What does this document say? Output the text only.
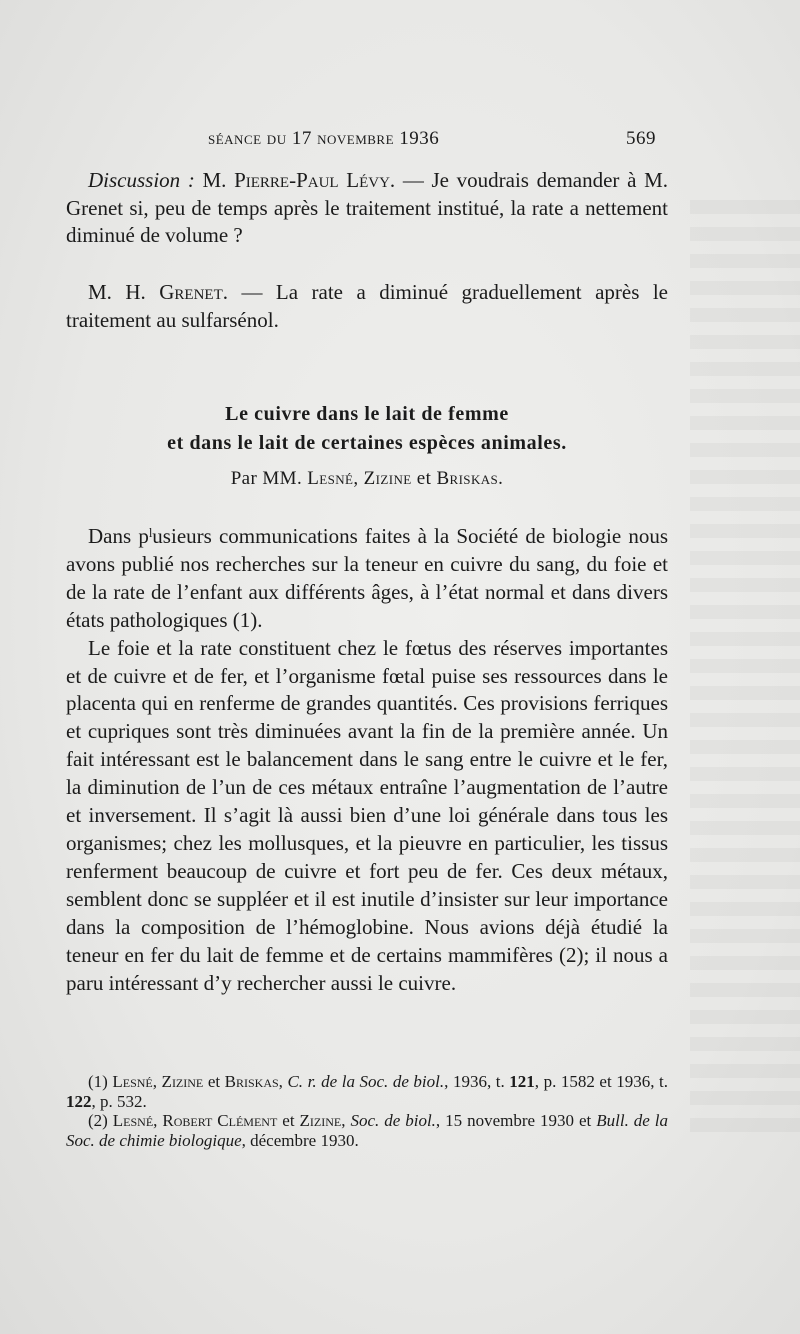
séance du 17 novembre 1936	569

Discussion : M. Pierre-Paul Lévy. — Je voudrais demander à M. Grenet si, peu de temps après le traitement institué, la rate a nettement diminué de volume ?

M. H. Grenet. — La rate a diminué graduellement après le traitement au sulfarsénol.

Le cuivre dans le lait de femme
et dans le lait de certaines espèces animales.
Par MM. Lesné, Zizine et Briskas.

Dans pˡusieurs communications faites à la Société de biologie nous avons publié nos recherches sur la teneur en cuivre du sang, du foie et de la rate de l’enfant aux différents âges, à l’état normal et dans divers états pathologiques (1).

Le foie et la rate constituent chez le fœtus des réserves importantes et de cuivre et de fer, et l’organisme fœtal puise ses ressources dans le placenta qui en renferme de grandes quantités. Ces provisions ferriques et cupriques sont très diminuées avant la fin de la première année. Un fait intéressant est le balancement dans le sang entre le cuivre et le fer, la diminution de l’un de ces métaux entraîne l’augmentation de l’autre et inversement. Il s’agit là aussi bien d’une loi générale dans tous les organismes; chez les mollusques, et la pieuvre en particulier, les tissus renferment beaucoup de cuivre et fort peu de fer. Ces deux métaux, semblent donc se suppléer et il est inutile d’insister sur leur importance dans la composition de l’hémoglobine. Nous avions déjà étudié la teneur en fer du lait de femme et de certains mammifères (2); il nous a paru intéressant d’y rechercher aussi le cuivre.

(1) Lesné, Zizine et Briskas, C. r. de la Soc. de biol., 1936, t. 121, p. 1582 et 1936, t. 122, p. 532.

(2) Lesné, Robert Clément et Zizine, Soc. de biol., 15 novembre 1930 et Bull. de la Soc. de chimie biologique, décembre 1930.
